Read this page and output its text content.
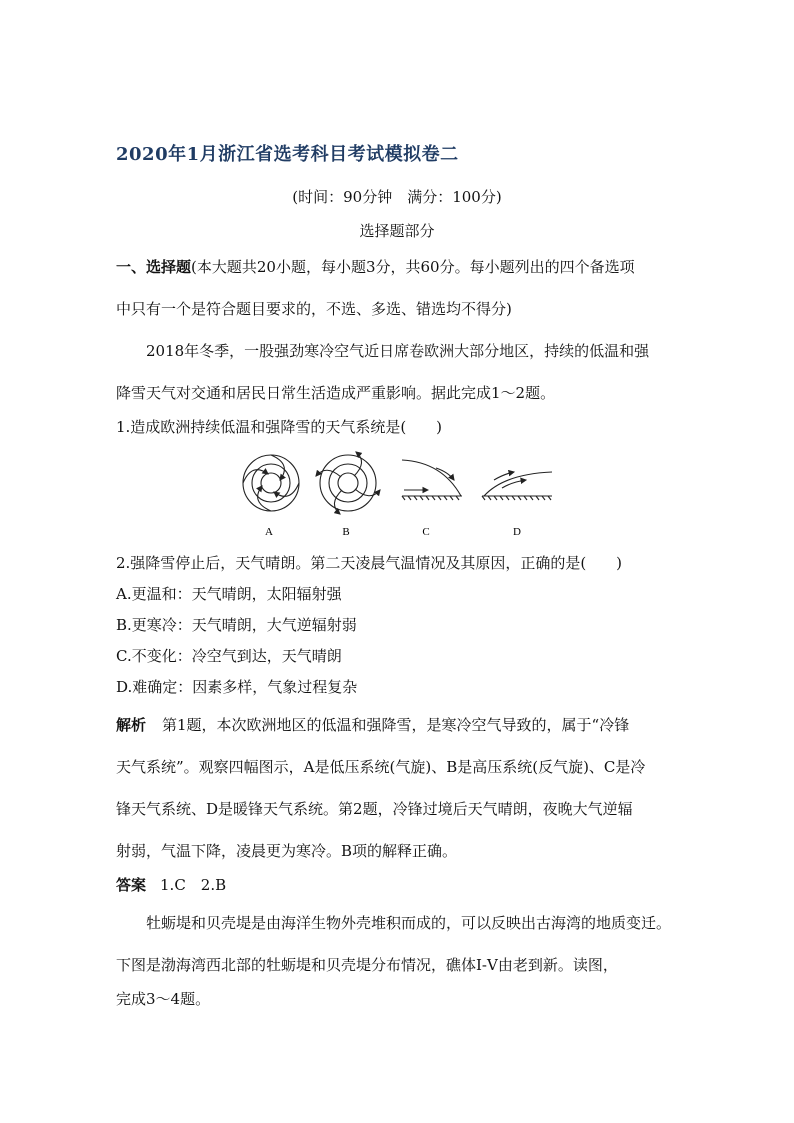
2020年1月浙江省选考科目考试模拟卷二
(时间：90分钟　满分：100分)
选择题部分
一、选择题(本大题共20小题，每小题3分，共60分。每小题列出的四个备选项
中只有一个是符合题目要求的，不选、多选、错选均不得分)
2018年冬季，一股强劲寒冷空气近日席卷欧洲大部分地区，持续的低温和强
降雪天气对交通和居民日常生活造成严重影响。据此完成1～2题。
1.造成欧洲持续低温和强降雪的天气系统是(　　)
A	B	C	D
2.强降雪停止后，天气晴朗。第二天凌晨气温情况及其原因，正确的是(　　)
A.更温和：天气晴朗，太阳辐射强
B.更寒冷：天气晴朗，大气逆辐射弱
C.不变化：冷空气到达，天气晴朗
D.难确定：因素多样，气象过程复杂
解析 第1题，本次欧洲地区的低温和强降雪，是寒冷空气导致的，属于“冷锋
天气系统”。观察四幅图示，A是低压系统(气旋)、B是高压系统(反气旋)、C是冷
锋天气系统、D是暖锋天气系统。第2题，冷锋过境后天气晴朗，夜晚大气逆辐
射弱，气温下降，凌晨更为寒冷。B项的解释正确。
答案 1.C　2.B
牡蛎堤和贝壳堤是由海洋生物外壳堆积而成的，可以反映出古海湾的地质变迁。
下图是渤海湾西北部的牡蛎堤和贝壳堤分布情况，礁体Ⅰ-Ⅴ由老到新。读图，
完成3～4题。
